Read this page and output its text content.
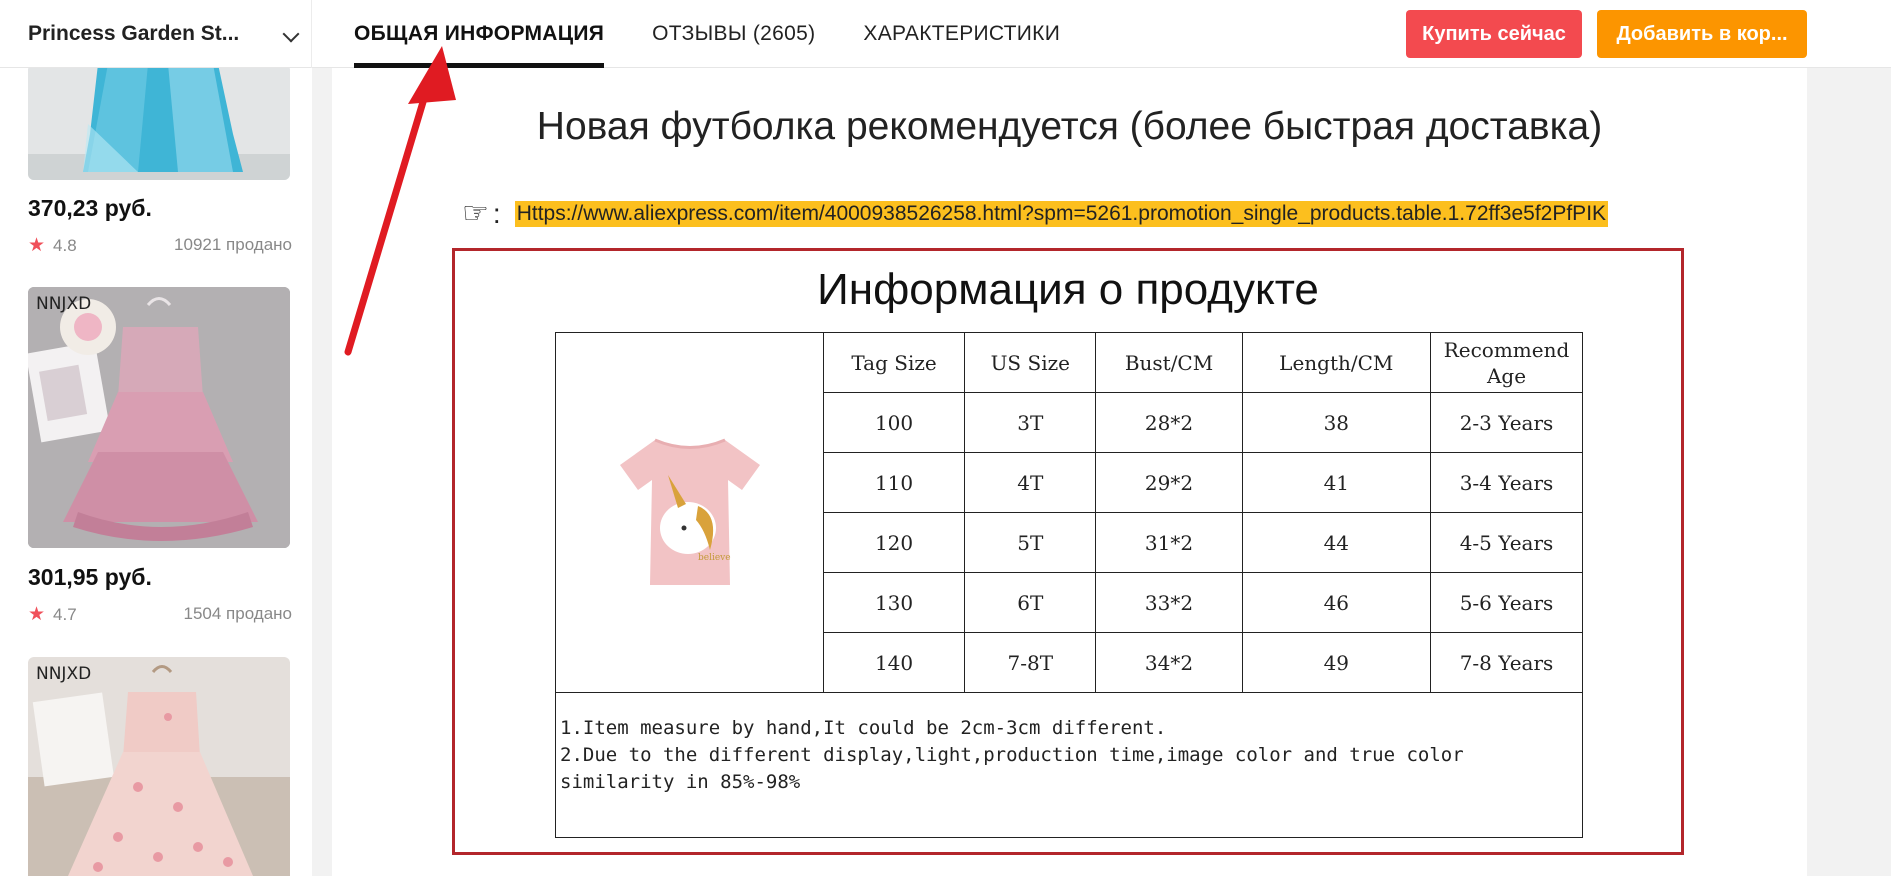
Princess Garden St...	ОБЩАЯ ИНФОРМАЦИЯ ОТЗЫВЫ (2605) ХАРАКТЕРИСТИКИ	Купить сейчас	Добавить в кор...
370,23 руб.
★ 4.8	10921 продано
NNJXD
301,95 руб.
★ 4.7	1504 продано
NNJXD
Новая футболка рекомендуется (более быстрая доставка)
☞ : Https://www.aliexpress.com/item/4000938526258.html?spm=5261.promotion_single_products.table.1.72ff3e5f2PfPIK
Информация о продукте
believe	Tag Size	US Size	Bust/CM	Length/CM	Recommend Age
	100	3T	28*2	38	2-3 Years
	110	4T	29*2	41	3-4 Years
	120	5T	31*2	44	4-5 Years
	130	6T	33*2	46	5-6 Years
	140	7-8T	34*2	49	7-8 Years

1.Item measure by hand,It could be 2cm-3cm different.
2.Due to the different display,light,production time,image color and true color
similarity in 85%-98%					
